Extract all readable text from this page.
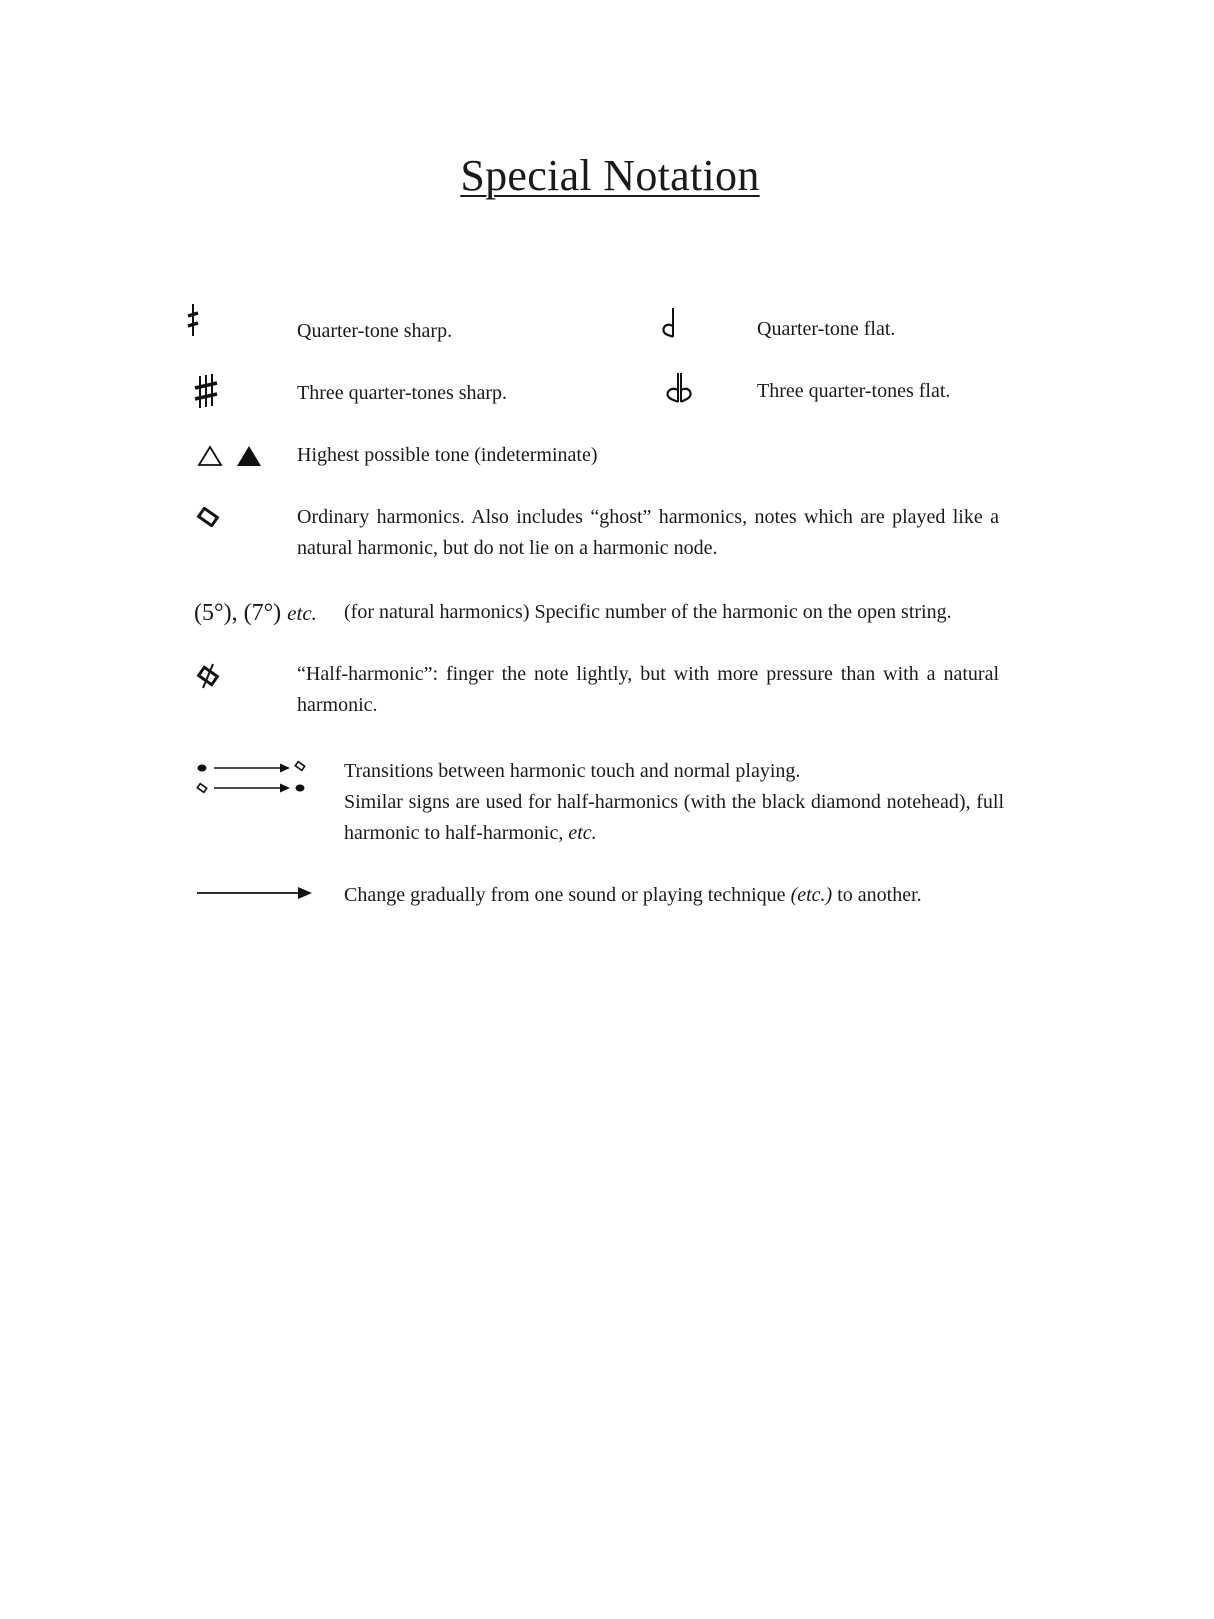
Special Notation
Quarter-tone sharp.	Quarter-tone flat.
Three quarter-tones sharp.	Three quarter-tones flat.
Highest possible tone (indeterminate)
Ordinary harmonics. Also includes “ghost” harmonics, notes which are played like a natural harmonic, but do not lie on a harmonic node.
(5°), (7°) etc. (for natural harmonics) Specific number of the harmonic on the open string.
“Half-harmonic”: finger the note lightly, but with more pressure than with a natural harmonic.
Transitions between harmonic touch and normal playing.
Similar signs are used for half-harmonics (with the black diamond notehead), full harmonic to half-harmonic, etc.
Change gradually from one sound or playing technique (etc.) to another.
